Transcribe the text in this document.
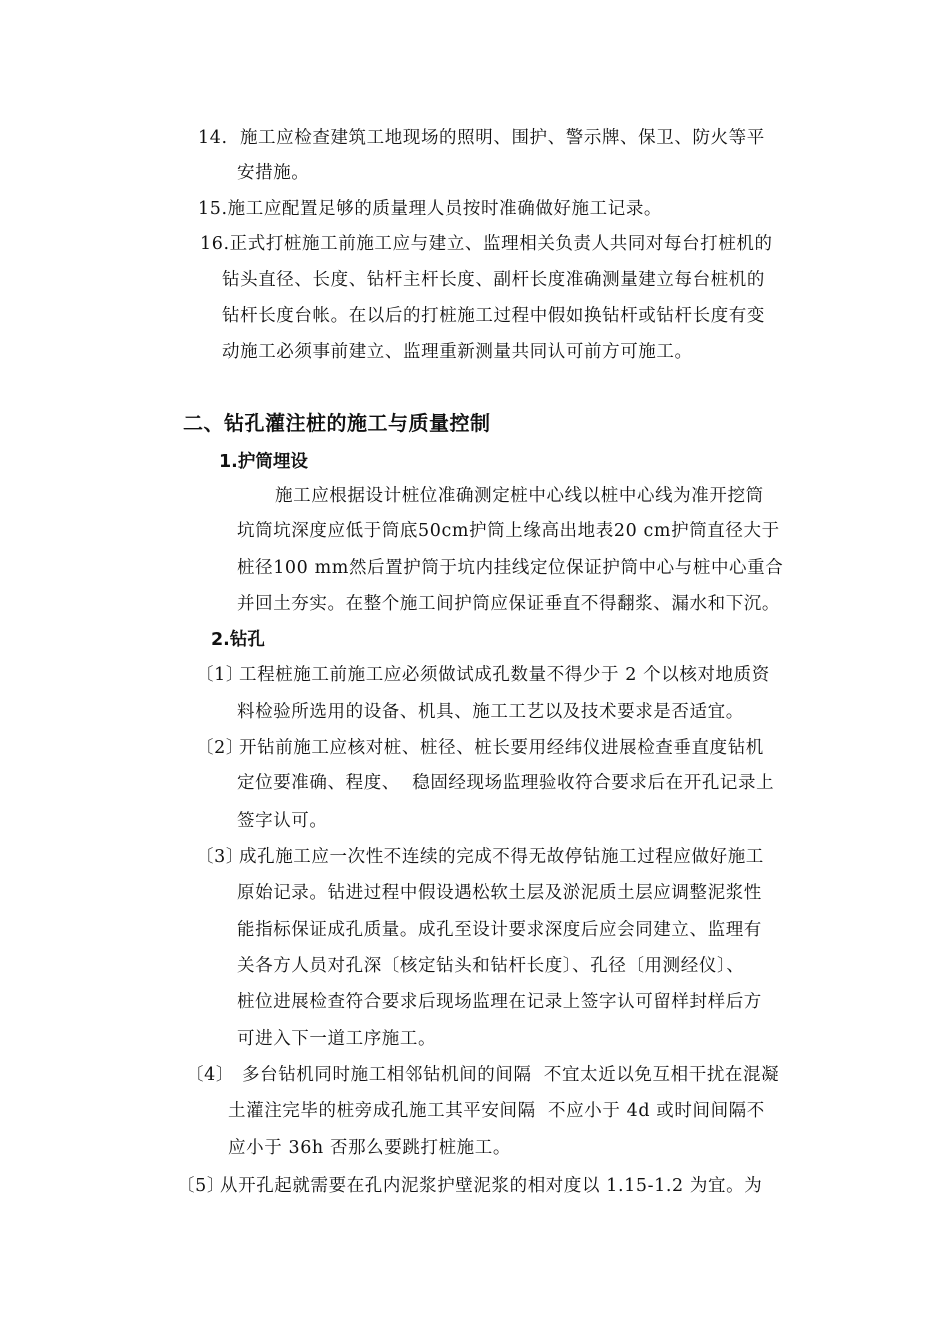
14.  施工应检查建筑工地现场的照明、围护、警示牌、保卫、防火等平
安措施。
15.施工应配置足够的质量理人员按时准确做好施工记录。
16.正式打桩施工前施工应与建立、监理相关负责人共同对每台打桩机的
钻头直径、长度、钻杆主杆长度、副杆长度准确测量建立每台桩机的
钻杆长度台帐。在以后的打桩施工过程中假如换钻杆或钻杆长度有变
动施工必须事前建立、监理重新测量共同认可前方可施工。
二、钻孔灌注桩的施工与质量控制
1.护筒埋设
施工应根据设计桩位准确测定桩中心线以桩中心线为准开挖筒
坑筒坑深度应低于筒底50cm护筒上缘高出地表20 cm护筒直径大于
桩径100 mm然后置护筒于坑内挂线定位保证护筒中心与桩中心重合
并回土夯实。在整个施工间护筒应保证垂直不得翻浆、漏水和下沉。
2.钻孔
〔1〕
工程桩施工前施工应必须做试成孔数量不得少于 2 个以核对地质资
料检验所选用的设备、机具、施工工艺以及技术要求是否适宜。
〔2〕
开钻前施工应核对桩、桩径、桩长要用经纬仪进展检查垂直度钻机
定位要准确、程度、  稳固经现场监理验收符合要求后在开孔记录上
签字认可。
〔3〕
成孔施工应一次性不连续的完成不得无故停钻施工过程应做好施工
原始记录。钻进过程中假设遇松软土层及淤泥质土层应调整泥浆性
能指标保证成孔质量。成孔至设计要求深度后应会同建立、监理有
关各方人员对孔深〔核定钻头和钻杆长度〕、孔径〔用测经仪〕、
桩位进展检查符合要求后现场监理在记录上签字认可留样封样后方
可进入下一道工序施工。
〔4〕 多台钻机同时施工相邻钻机间的间隔  不宜太近以免互相干扰在混凝
土灌注完毕的桩旁成孔施工其平安间隔  不应小于 4d 或时间间隔不
应小于 36h 否那么要跳打桩施工。
〔5〕
从开孔起就需要在孔内泥浆护壁泥浆的相对度以 1.15-1.2 为宜。为
